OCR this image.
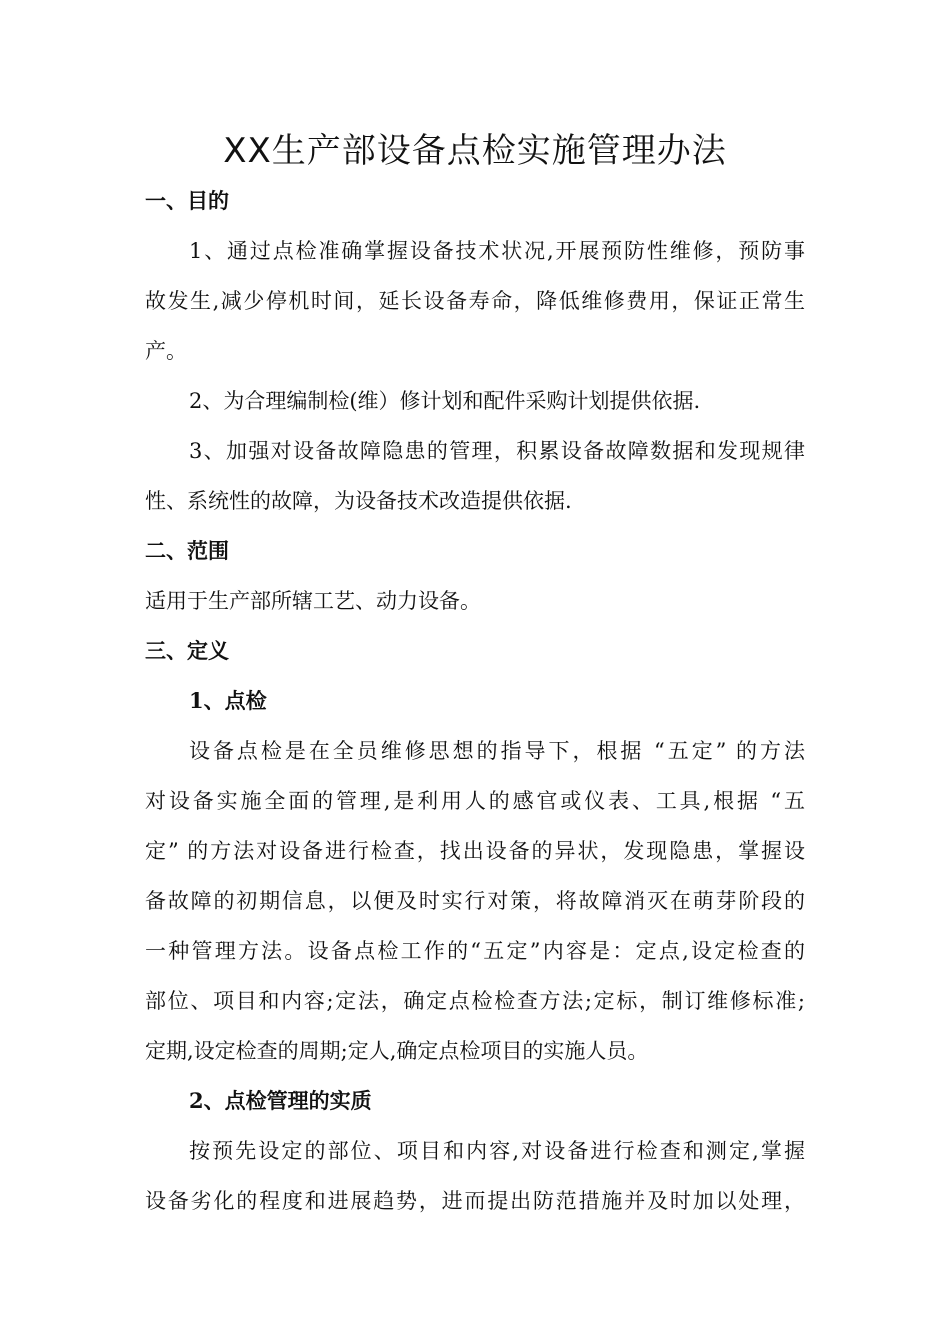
XX生产部设备点检实施管理办法
一、目的
1、通过点检准确掌握设备技术状况,开展预防性维修，预防事
故发生,减少停机时间，延长设备寿命，降低维修费用，保证正常生
产。
2、为合理编制检(维）修计划和配件采购计划提供依据.
3、加强对设备故障隐患的管理，积累设备故障数据和发现规律
性、系统性的故障，为设备技术改造提供依据.
二、范围
适用于生产部所辖工艺、动力设备。
三、定义
1、点检
设备点检是在全员维修思想的指导下，根据 “五定” 的方法
对设备实施全面的管理,是利用人的感官或仪表、工具,根据 “五
定” 的方法对设备进行检查，找出设备的异状，发现隐患，掌握设
备故障的初期信息，以便及时实行对策，将故障消灭在萌芽阶段的
一种管理方法。设备点检工作的“五定”内容是：定点,设定检查的
部位、项目和内容;定法，确定点检检查方法;定标，制订维修标准;
定期,设定检查的周期;定人,确定点检项目的实施人员。
2、点检管理的实质
按预先设定的部位、项目和内容,对设备进行检查和测定,掌握
设备劣化的程度和进展趋势，进而提出防范措施并及时加以处理，
